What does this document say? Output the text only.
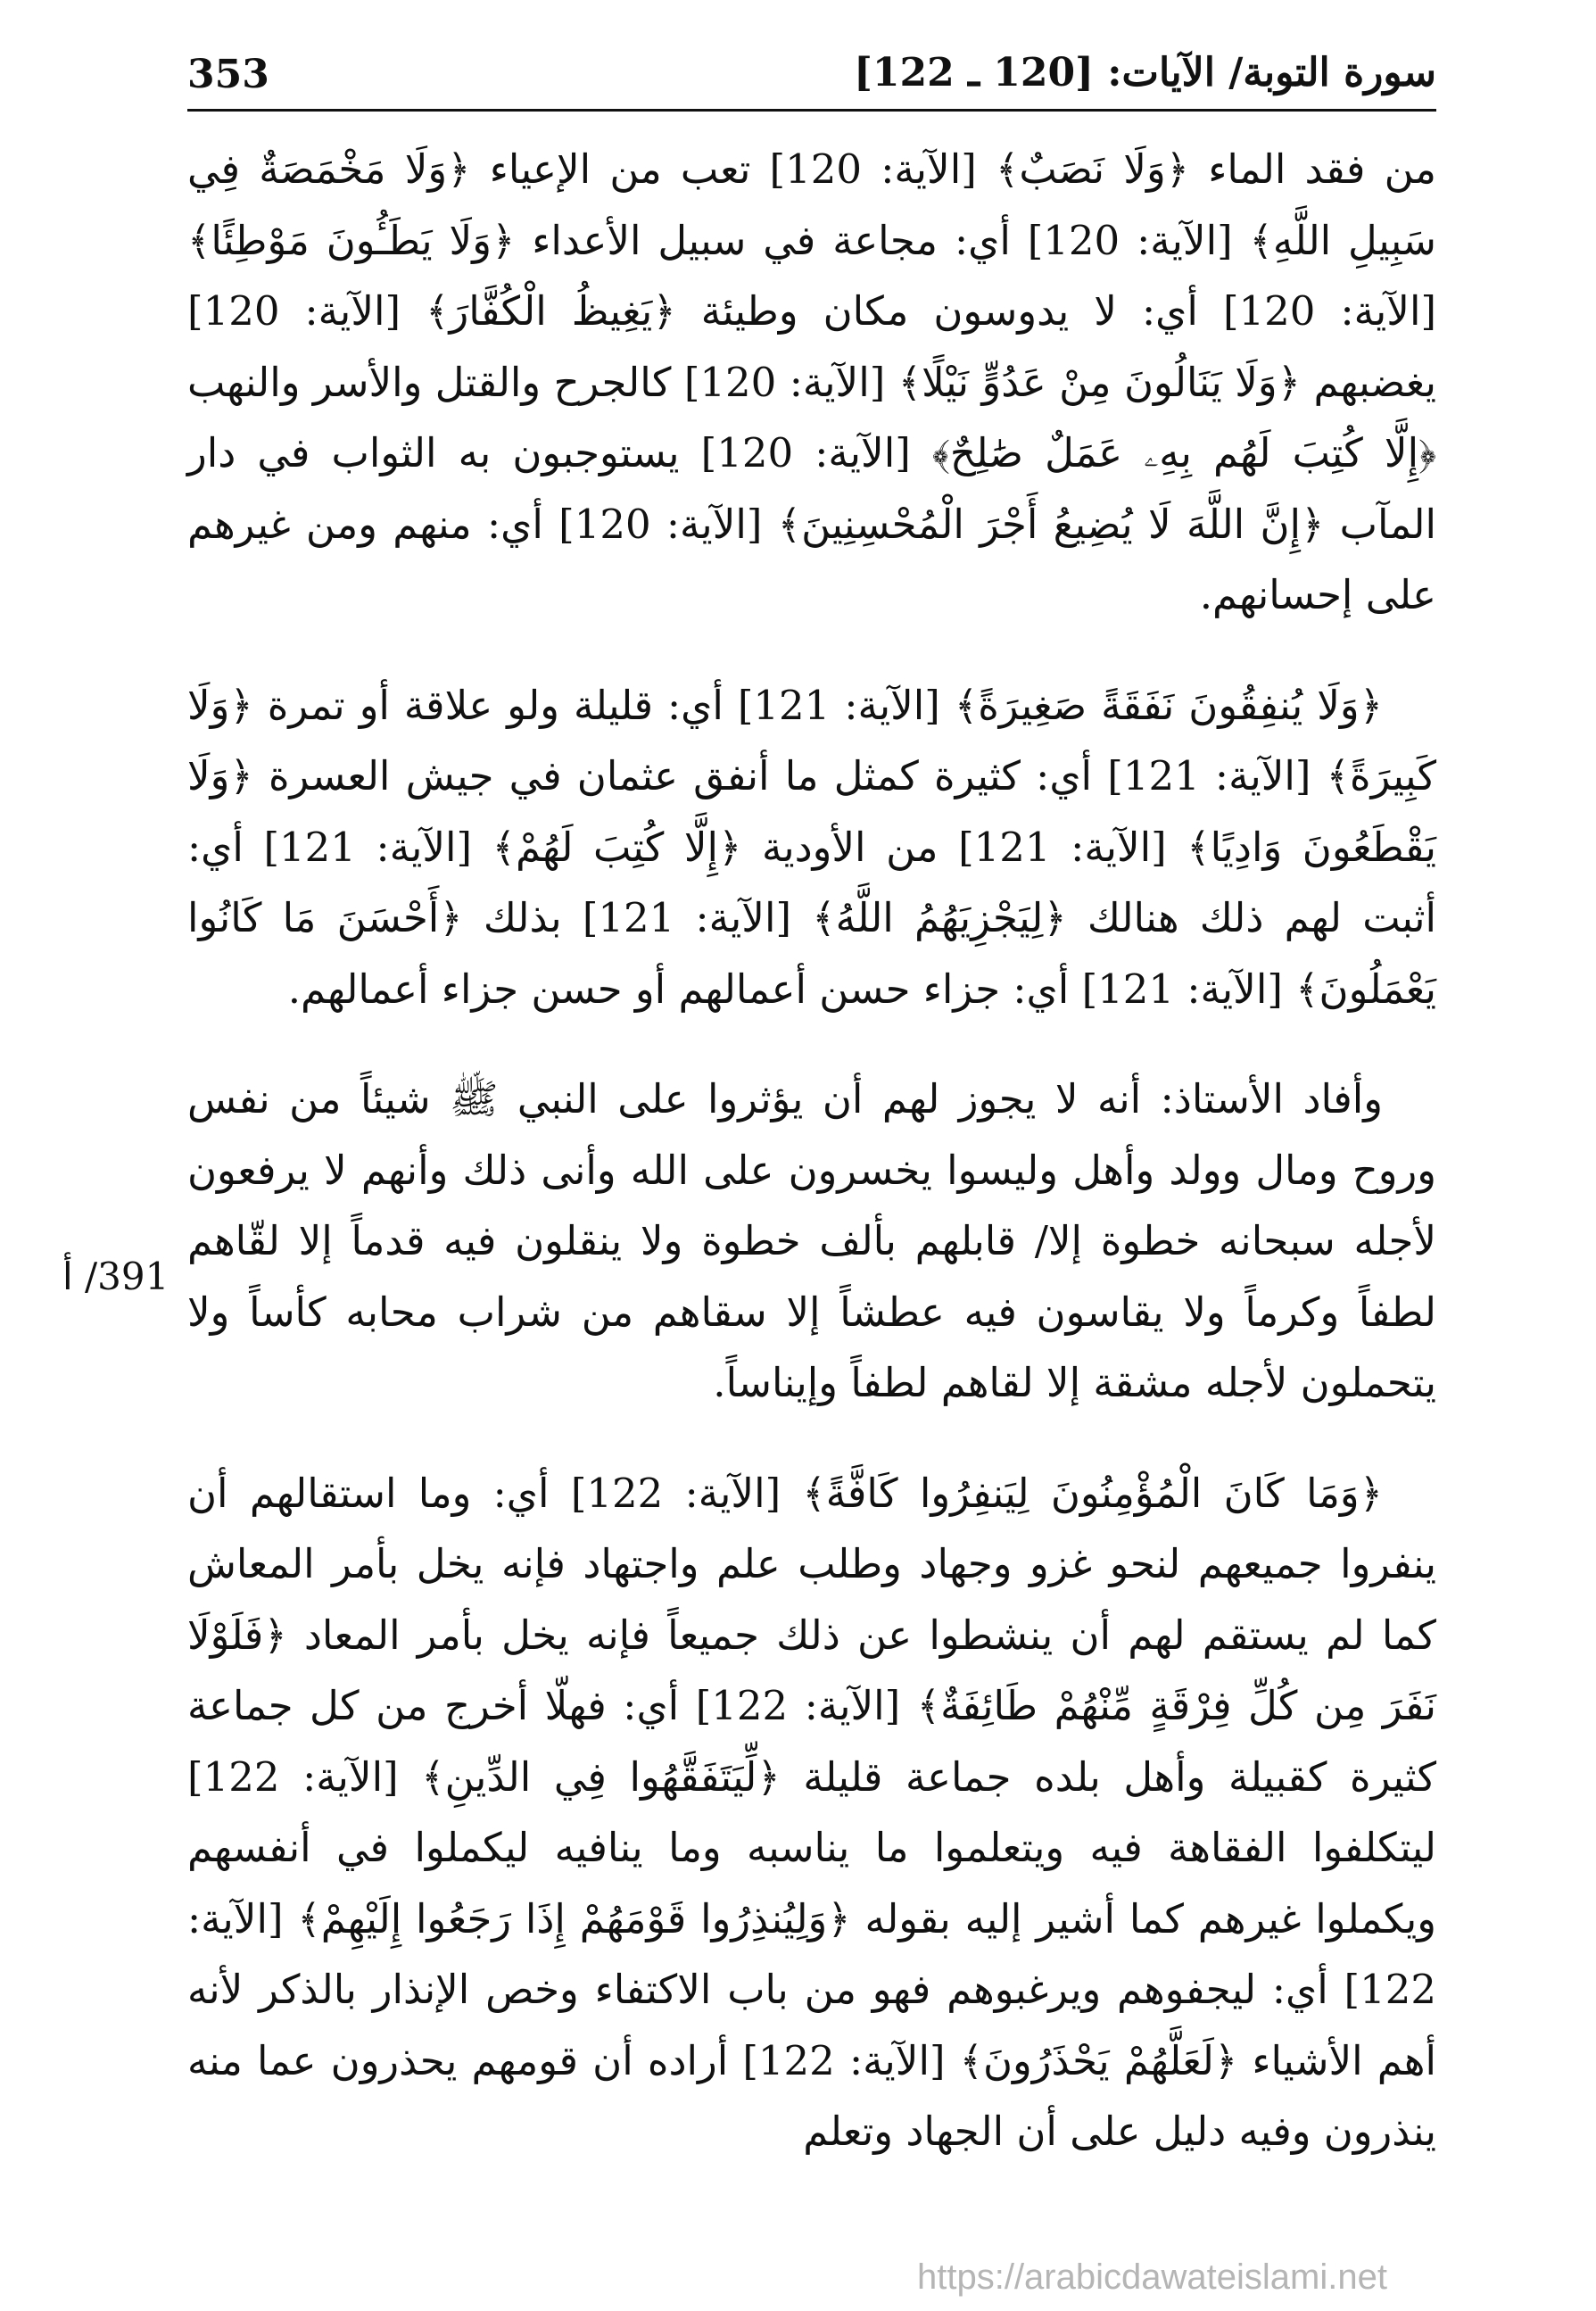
353	سورة التوبة/ الآيات: [120 ـ 122]

من فقد الماء ﴿وَلَا نَصَبٌ﴾ [الآية: 120] تعب من الإعياء ﴿وَلَا مَخْمَصَةٌ فِي سَبِيلِ اللَّهِ﴾ [الآية: 120] أي: مجاعة في سبيل الأعداء ﴿وَلَا يَطَـُٔونَ مَوْطِئًا﴾ [الآية: 120] أي: لا يدوسون مكان وطيئة ﴿يَغِيظُ الْكُفَّارَ﴾ [الآية: 120] يغضبهم ﴿وَلَا يَنَالُونَ مِنْ عَدُوٍّ نَيْلًا﴾ [الآية: 120] كالجرح والقتل والأسر والنهب ﴿إِلَّا كُتِبَ لَهُم بِهِۦ عَمَلٌ صَٰلِحٌ﴾ [الآية: 120] يستوجبون به الثواب في دار المآب ﴿إِنَّ اللَّهَ لَا يُضِيعُ أَجْرَ الْمُحْسِنِينَ﴾ [الآية: 120] أي: منهم ومن غيرهم على إحسانهم.

﴿وَلَا يُنفِقُونَ نَفَقَةً صَغِيرَةً﴾ [الآية: 121] أي: قليلة ولو علاقة أو تمرة ﴿وَلَا كَبِيرَةً﴾ [الآية: 121] أي: كثيرة كمثل ما أنفق عثمان في جيش العسرة ﴿وَلَا يَقْطَعُونَ وَادِيًا﴾ [الآية: 121] من الأودية ﴿إِلَّا كُتِبَ لَهُمْ﴾ [الآية: 121] أي: أثبت لهم ذلك هنالك ﴿لِيَجْزِيَهُمُ اللَّهُ﴾ [الآية: 121] بذلك ﴿أَحْسَنَ مَا كَانُوا يَعْمَلُونَ﴾ [الآية: 121] أي: جزاء حسن أعمالهم أو حسن جزاء أعمالهم.

وأفاد الأستاذ: أنه لا يجوز لهم أن يؤثروا على النبي ﷺ شيئاً من نفس وروح ومال وولد وأهل وليسوا يخسرون على الله وأنى ذلك وأنهم لا يرفعون لأجله سبحانه خطوة إلا/ قابلهم بألف خطوة ولا ينقلون فيه قدماً إلا لقّاهم لطفاً وكرماً ولا يقاسون فيه عطشاً إلا سقاهم من شراب محابه كأساً ولا يتحملون لأجله مشقة إلا لقاهم لطفاً وإيناساً.

﴿وَمَا كَانَ الْمُؤْمِنُونَ لِيَنفِرُوا كَافَّةً﴾ [الآية: 122] أي: وما استقالهم أن ينفروا جميعهم لنحو غزو وجهاد وطلب علم واجتهاد فإنه يخل بأمر المعاش كما لم يستقم لهم أن ينشطوا عن ذلك جميعاً فإنه يخل بأمر المعاد ﴿فَلَوْلَا نَفَرَ مِن كُلِّ فِرْقَةٍ مِّنْهُمْ طَائِفَةٌ﴾ [الآية: 122] أي: فهلّا أخرج من كل جماعة كثيرة كقبيلة وأهل بلده جماعة قليلة ﴿لِّيَتَفَقَّهُوا فِي الدِّينِ﴾ [الآية: 122] ليتكلفوا الفقاهة فيه ويتعلموا ما يناسبه وما ينافيه ليكملوا في أنفسهم ويكملوا غيرهم كما أشير إليه بقوله ﴿وَلِيُنذِرُوا قَوْمَهُمْ إِذَا رَجَعُوا إِلَيْهِمْ﴾ [الآية: 122] أي: ليجفوهم ويرغبوهم فهو من باب الاكتفاء وخص الإنذار بالذكر لأنه أهم الأشياء ﴿لَعَلَّهُمْ يَحْذَرُونَ﴾ [الآية: 122] أراده أن قومهم يحذرون عما منه ينذرون وفيه دليل على أن الجهاد وتعلم

391/ أ
https://arabicdawateislami.net
